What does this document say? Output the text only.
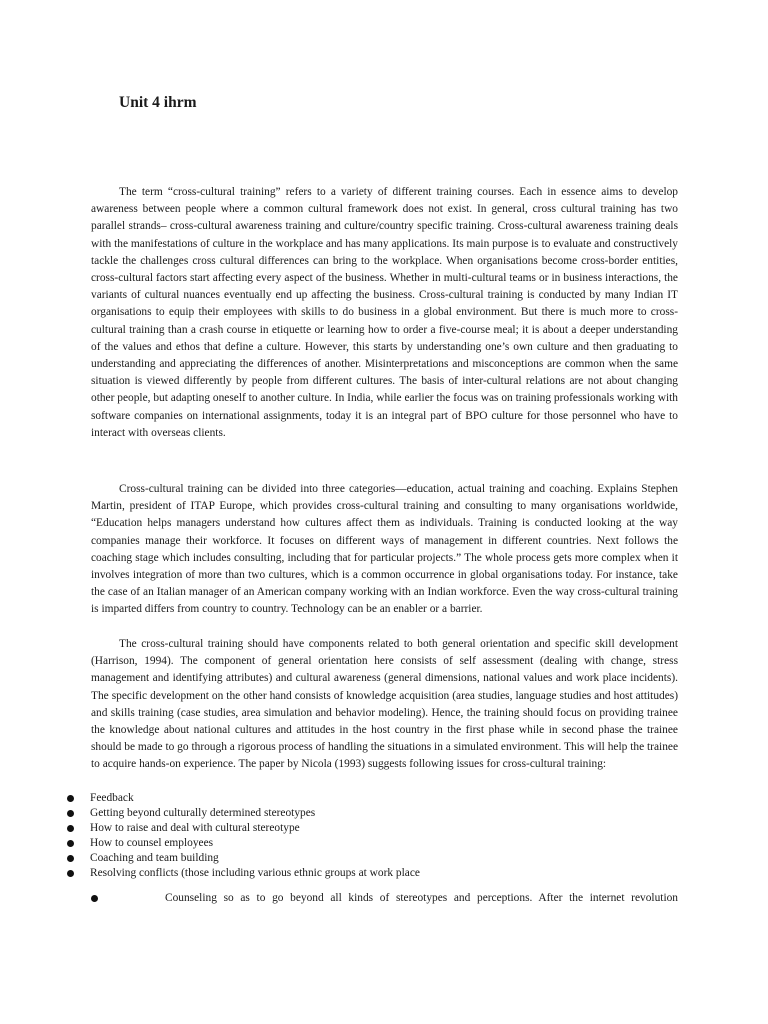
Unit 4 ihrm

The term “cross-cultural training” refers to a variety of different training courses. Each in essence aims to develop awareness between people where a common cultural framework does not exist. In general, cross cultural training has two parallel strands– cross-cultural awareness training and culture/country specific training. Cross-cultural awareness training deals with the manifestations of culture in the workplace and has many applications. Its main purpose is to evaluate and constructively tackle the challenges cross cultural differences can bring to the workplace. When organisations become cross-border entities, cross-cultural factors start affecting every aspect of the business. Whether in multi-cultural teams or in business interactions, the variants of cultural nuances eventually end up affecting the business. Cross-cultural training is conducted by many Indian IT organisations to equip their employees with skills to do business in a global environment. But there is much more to cross-cultural training than a crash course in etiquette or learning how to order a five-course meal; it is about a deeper understanding of the values and ethos that define a culture. However, this starts by understanding one’s own culture and then graduating to understanding and appreciating the differences of another. Misinterpretations and misconceptions are common when the same situation is viewed differently by people from different cultures. The basis of inter-cultural relations are not about changing other people, but adapting oneself to another culture. In India, while earlier the focus was on training professionals working with software companies on international assignments, today it is an integral part of BPO culture for those personnel who have to interact with overseas clients.

Cross-cultural training can be divided into three categories—education, actual training and coaching. Explains Stephen Martin, president of ITAP Europe, which provides cross-cultural training and consulting to many organisations worldwide, “Education helps managers understand how cultures affect them as individuals. Training is conducted looking at the way companies manage their workforce. It focuses on different ways of management in different countries. Next follows the coaching stage which includes consulting, including that for particular projects.” The whole process gets more complex when it involves integration of more than two cultures, which is a common occurrence in global organisations today. For instance, take the case of an Italian manager of an American company working with an Indian workforce. Even the way cross-cultural training is imparted differs from country to country. Technology can be an enabler or a barrier.

The cross-cultural training should have components related to both general orientation and specific skill development (Harrison, 1994). The component of general orientation here consists of self assessment (dealing with change, stress management and identifying attributes) and cultural awareness (general dimensions, national values and work place incidents). The specific development on the other hand consists of knowledge acquisition (area studies, language studies and host attitudes) and skills training (case studies, area simulation and behavior modeling). Hence, the training should focus on providing trainee the knowledge about national cultures and attitudes in the host country in the first phase while in second phase the trainee should be made to go through a rigorous process of handling the situations in a simulated environment. This will help the trainee to acquire hands-on experience. The paper by Nicola (1993) suggests following issues for cross-cultural training:

Feedback
Getting beyond culturally determined stereotypes
How to raise and deal with cultural stereotype
How to counsel employees
Coaching and team building
Resolving conflicts (those including various ethnic groups at work place
Counseling so as to go beyond all kinds of stereotypes and perceptions. After the internet revolution
